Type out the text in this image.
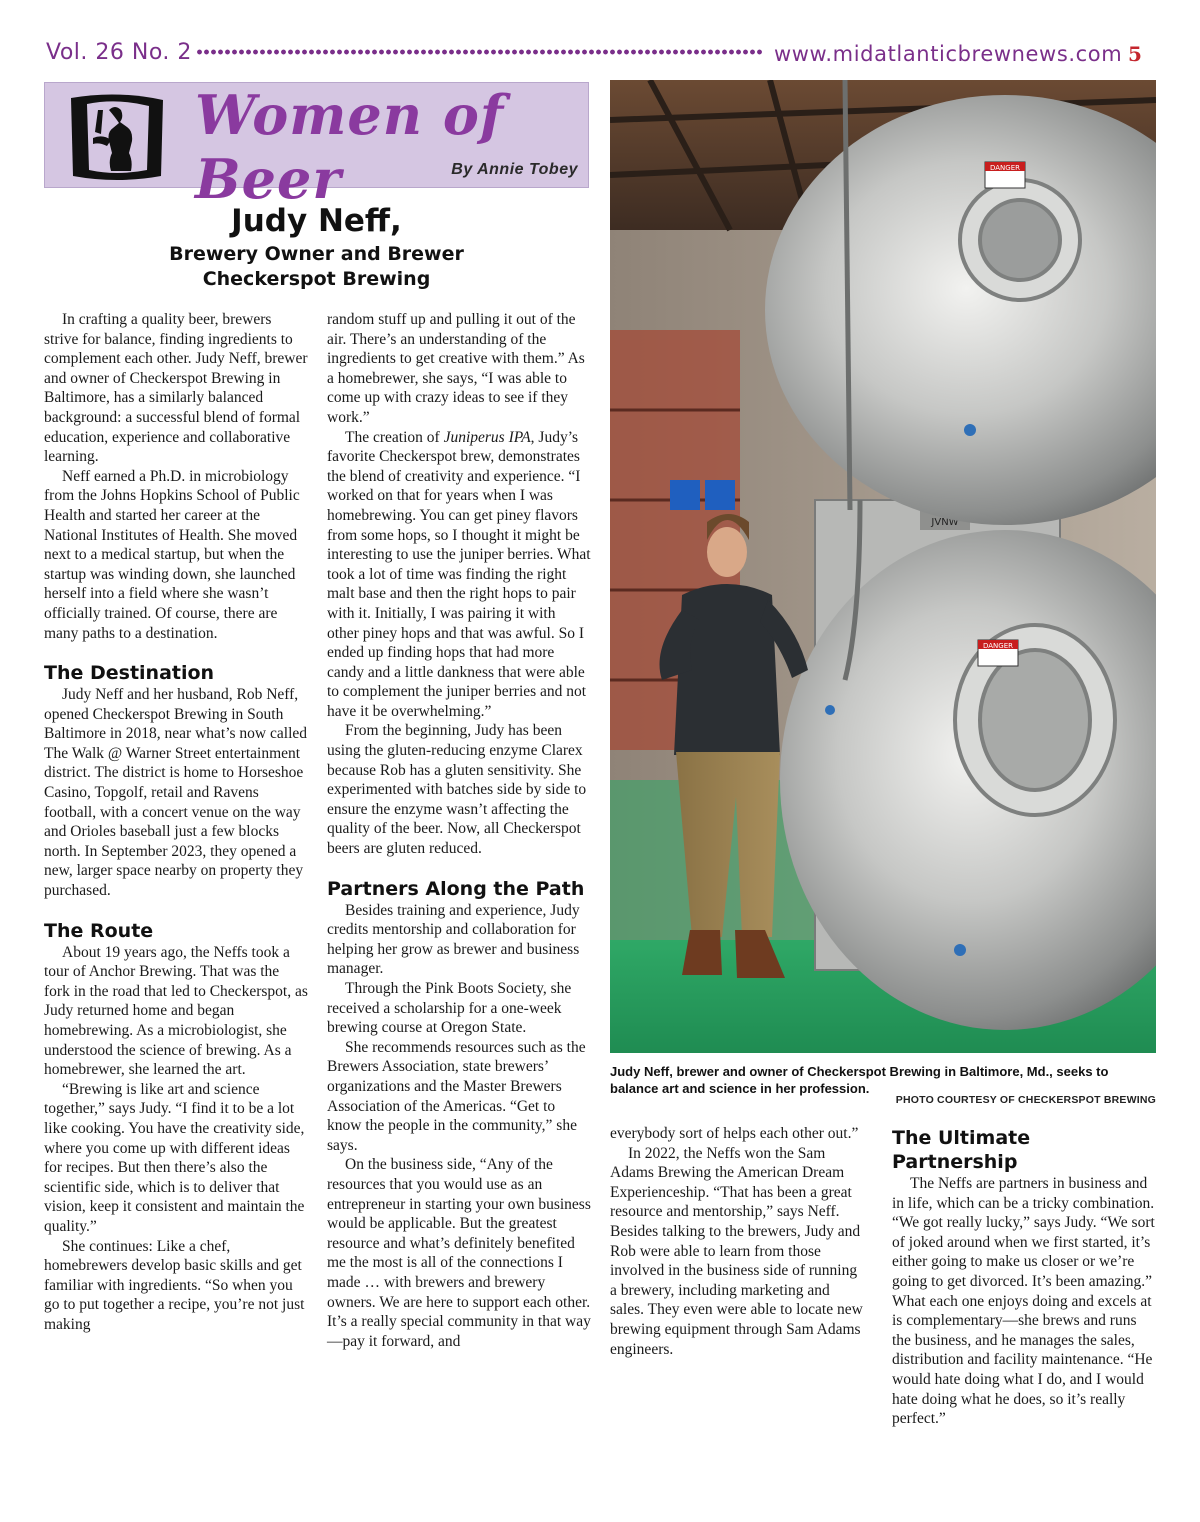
Vol. 26 No. 2	www.midatlanticbrewnews.com 5
Women of Beer	By Annie Tobey
Judy Neff,
Brewery Owner and Brewer
Checkerspot Brewing

In crafting a quality beer, brewers strive for balance, finding ingredients to complement each other. Judy Neff, brewer and owner of Checkerspot Brewing in Baltimore, has a similarly balanced background: a successful blend of formal education, experience and collaborative learning.

Neff earned a Ph.D. in microbiology from the Johns Hopkins School of Public Health and started her career at the National Institutes of Health. She moved next to a medical startup, but when the startup was winding down, she launched herself into a field where she wasn’t officially trained. Of course, there are many paths to a destination.

The Destination

Judy Neff and her husband, Rob Neff, opened Checkerspot Brewing in South Baltimore in 2018, near what’s now called The Walk @ Warner Street entertainment district. The district is home to Horseshoe Casino, Topgolf, retail and Ravens football, with a concert venue on the way and Orioles baseball just a few blocks north. In September 2023, they opened a new, larger space nearby on property they purchased.

The Route

About 19 years ago, the Neffs took a tour of Anchor Brewing. That was the fork in the road that led to Checkerspot, as Judy returned home and began homebrewing. As a microbiologist, she understood the science of brewing. As a homebrewer, she learned the art.

“Brewing is like art and science together,” says Judy. “I find it to be a lot like cooking. You have the creativity side, where you come up with different ideas for recipes. But then there’s also the scientific side, which is to deliver that vision, keep it consistent and maintain the quality.”

She continues: Like a chef, homebrewers develop basic skills and get familiar with ingredients. “So when you go to put together a recipe, you’re not just making

random stuff up and pulling it out of the air. There’s an understanding of the ingredients to get creative with them.” As a homebrewer, she says, “I was able to come up with crazy ideas to see if they work.”

The creation of Juniperus IPA, Judy’s favorite Checkerspot brew, demonstrates the blend of creativity and experience. “I worked on that for years when I was homebrewing. You can get piney flavors from some hops, so I thought it might be interesting to use the juniper berries. What took a lot of time was finding the right malt base and then the right hops to pair with it. Initially, I was pairing it with other piney hops and that was awful. So I ended up finding hops that had more candy and a little dankness that were able to complement the juniper berries and not have it be overwhelming.”

From the beginning, Judy has been using the gluten-reducing enzyme Clarex because Rob has a gluten sensitivity. She experimented with batches side by side to ensure the enzyme wasn’t affecting the quality of the beer. Now, all Checkerspot beers are gluten reduced.

Partners Along the Path

Besides training and experience, Judy credits mentorship and collaboration for helping her grow as brewer and business manager.

Through the Pink Boots Society, she received a scholarship for a one-week brewing course at Oregon State.

She recommends resources such as the Brewers Association, state brewers’ organizations and the Master Brewers Association of the Americas. “Get to know the people in the community,” she says.

On the business side, “Any of the resources that you would use as an entrepreneur in starting your own business would be applicable. But the greatest resource and what’s definitely benefited me the most is all of the connections I made … with brewers and brewery owners. We are here to support each other. It’s a really special community in that way—pay it forward, and

JVNW
DANGER
DANGER
Judy Neff, brewer and owner of Checkerspot Brewing in Baltimore, Md., seeks to balance art and science in her profession.
PHOTO COURTESY OF CHECKERSPOT BREWING

everybody sort of helps each other out.”

In 2022, the Neffs won the Sam Adams Brewing the American Dream Experienceship. “That has been a great resource and mentorship,” says Neff. Besides talking to the brewers, Judy and Rob were able to learn from those involved in the business side of running a brewery, including marketing and sales. They even were able to locate new brewing equipment through Sam Adams engineers.

The Ultimate Partnership

The Neffs are partners in business and in life, which can be a tricky combination. “We got really lucky,” says Judy. “We sort of joked around when we first started, it’s either going to make us closer or we’re going to get divorced. It’s been amazing.” What each one enjoys doing and excels at is complementary—she brews and runs the business, and he manages the sales, distribution and facility maintenance. “He would hate doing what I do, and I would hate doing what he does, so it’s really perfect.”
